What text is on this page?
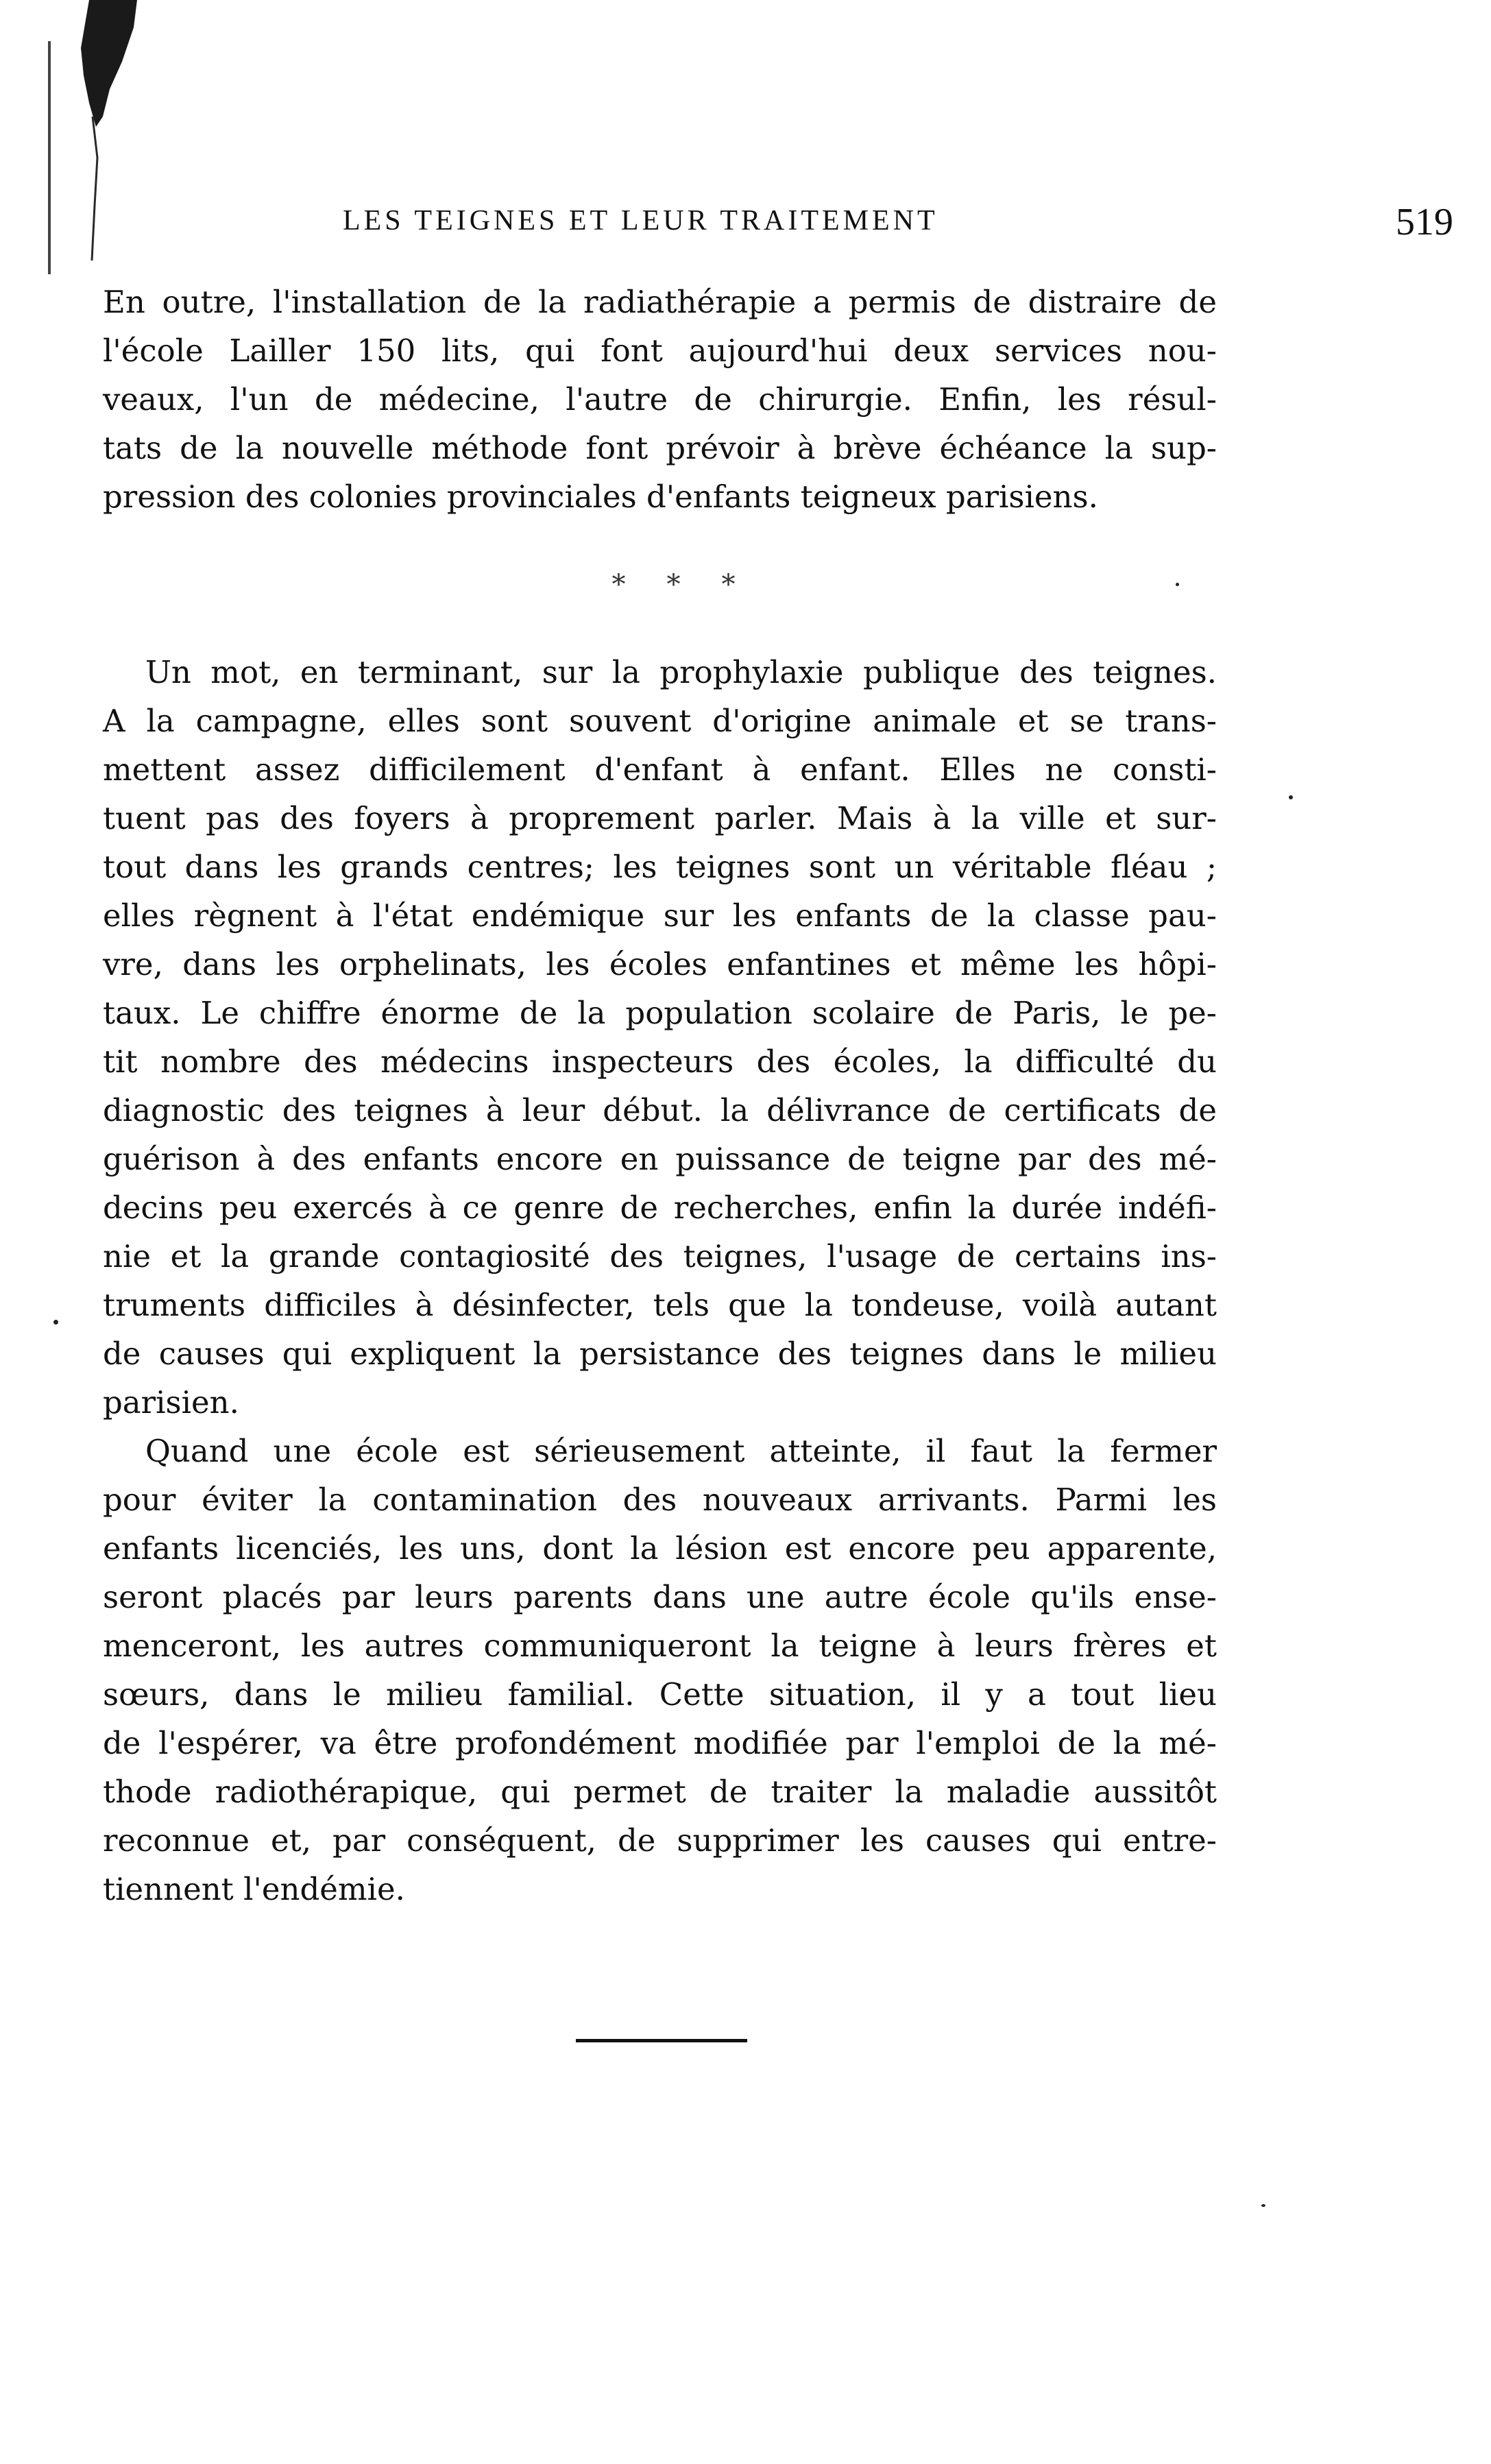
LES TEIGNES ET LEUR TRAITEMENT	519

En outre, l'installation de la radiathérapie a permis de distraire de
l'école Lailler 150 lits, qui font aujourd'hui deux services nou-
veaux, l'un de médecine, l'autre de chirurgie. Enfin, les résul-
tats de la nouvelle méthode font prévoir à brève échéance la sup-
pression des colonies provinciales d'enfants teigneux parisiens.

* * *

Un mot, en terminant, sur la prophylaxie publique des teignes.
A la campagne, elles sont souvent d'origine animale et se trans-
mettent assez difficilement d'enfant à enfant. Elles ne consti-
tuent pas des foyers à proprement parler. Mais à la ville et sur-
tout dans les grands centres; les teignes sont un véritable fléau ;
elles règnent à l'état endémique sur les enfants de la classe pau-
vre, dans les orphelinats, les écoles enfantines et même les hôpi-
taux. Le chiffre énorme de la population scolaire de Paris, le pe-
tit nombre des médecins inspecteurs des écoles, la difficulté du
diagnostic des teignes à leur début. la délivrance de certificats de
guérison à des enfants encore en puissance de teigne par des mé-
decins peu exercés à ce genre de recherches, enfin la durée indéfi-
nie et la grande contagiosité des teignes, l'usage de certains ins-
truments difficiles à désinfecter, tels que la tondeuse, voilà autant
de causes qui expliquent la persistance des teignes dans le milieu
parisien.

Quand une école est sérieusement atteinte, il faut la fermer
pour éviter la contamination des nouveaux arrivants. Parmi les
enfants licenciés, les uns, dont la lésion est encore peu apparente,
seront placés par leurs parents dans une autre école qu'ils ense-
menceront, les autres communiqueront la teigne à leurs frères et
sœurs, dans le milieu familial. Cette situation, il y a tout lieu
de l'espérer, va être profondément modifiée par l'emploi de la mé-
thode radiothérapique, qui permet de traiter la maladie aussitôt
reconnue et, par conséquent, de supprimer les causes qui entre-
tiennent l'endémie.
